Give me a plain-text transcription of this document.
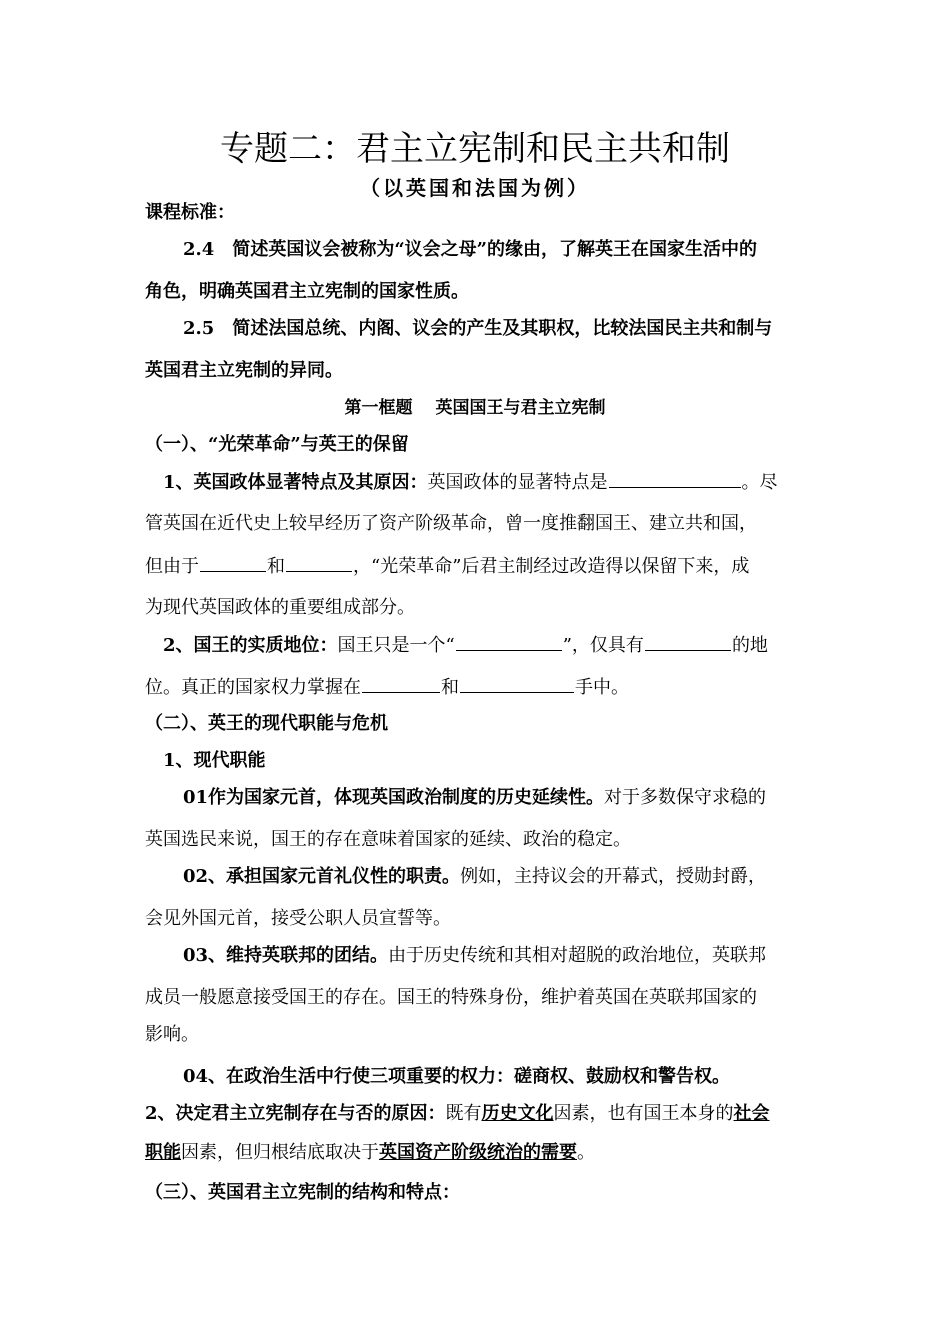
专题二：君主立宪制和民主共和制
（以英国和法国为例）
课程标准：
2.4　简述英国议会被称为“议会之母”的缘由，了解英王在国家生活中的
角色，明确英国君主立宪制的国家性质。
2.5　简述法国总统、内阁、议会的产生及其职权，比较法国民主共和制与
英国君主立宪制的异同。
第一框题　 英国国王与君主立宪制
（一）、“光荣革命”与英王的保留
1、英国政体显著特点及其原因：英国政体的显著特点是	。尽
管英国在近代史上较早经历了资产阶级革命，曾一度推翻国王、建立共和国，
但由于	和	，“光荣革命”后君主制经过改造得以保留下来，成
为现代英国政体的重要组成部分。
2、国王的实质地位：国王只是一个“	”，仅具有	的地
位。真正的国家权力掌握在	和	手中。
（二）、英王的现代职能与危机
1、现代职能
01作为国家元首，体现英国政治制度的历史延续性。对于多数保守求稳的
英国选民来说，国王的存在意味着国家的延续、政治的稳定。
02、承担国家元首礼仪性的职责。例如，主持议会的开幕式，授勋封爵，
会见外国元首，接受公职人员宣誓等。
03、维持英联邦的团结。由于历史传统和其相对超脱的政治地位，英联邦
成员一般愿意接受国王的存在。国王的特殊身份，维护着英国在英联邦国家的
影响。
04、在政治生活中行使三项重要的权力：磋商权、鼓励权和警告权。
2、决定君主立宪制存在与否的原因：既有历史文化因素，也有国王本身的社会
职能因素，但归根结底取决于英国资产阶级统治的需要。
（三）、英国君主立宪制的结构和特点：
